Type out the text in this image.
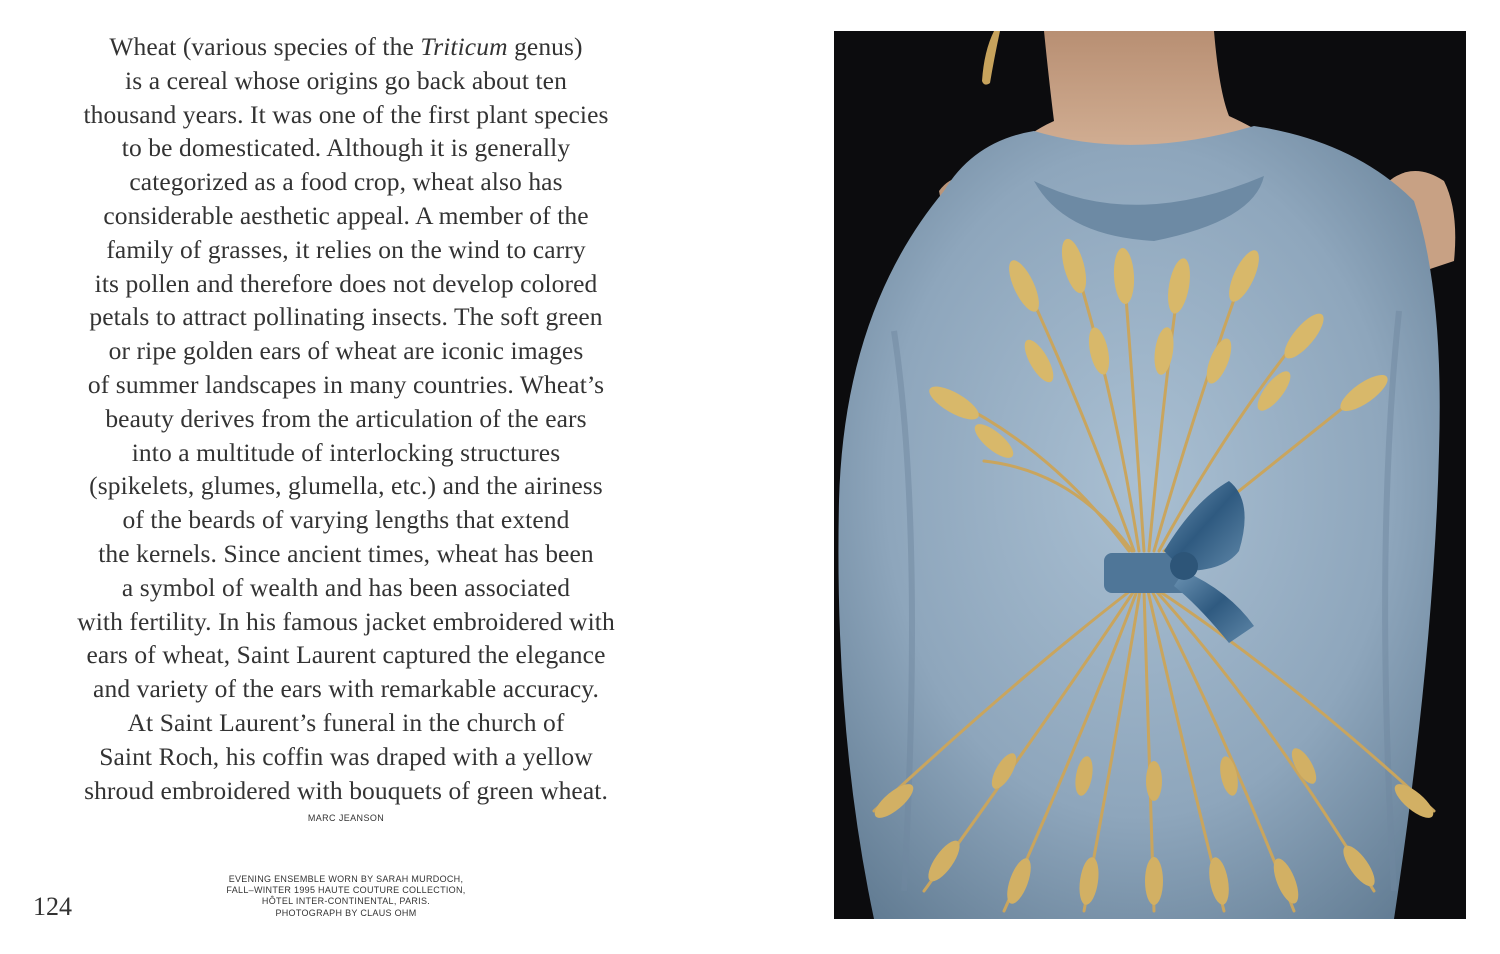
Wheat (various species of the Triticum genus)
is a cereal whose origins go back about ten
thousand years. It was one of the first plant species
to be domesticated. Although it is generally
categorized as a food crop, wheat also has
considerable aesthetic appeal. A member of the
family of grasses, it relies on the wind to carry
its pollen and therefore does not develop colored
petals to attract pollinating insects. The soft green
or ripe golden ears of wheat are iconic images
of summer landscapes in many countries. Wheat’s
beauty derives from the articulation of the ears
into a multitude of interlocking structures
(spikelets, glumes, glumella, etc.) and the airiness
of the beards of varying lengths that extend
the kernels. Since ancient times, wheat has been
a symbol of wealth and has been associated
with fertility. In his famous jacket embroidered with
ears of wheat, Saint Laurent captured the elegance
and variety of the ears with remarkable accuracy.
At Saint Laurent’s funeral in the church of
Saint Roch, his coffin was draped with a yellow
shroud embroidered with bouquets of green wheat.
MARC JEANSON
EVENING ENSEMBLE WORN BY SARAH MURDOCH,
FALL–WINTER 1995 HAUTE COUTURE COLLECTION,
HÔTEL INTER-CONTINENTAL, PARIS.
PHOTOGRAPH BY CLAUS OHM
124
